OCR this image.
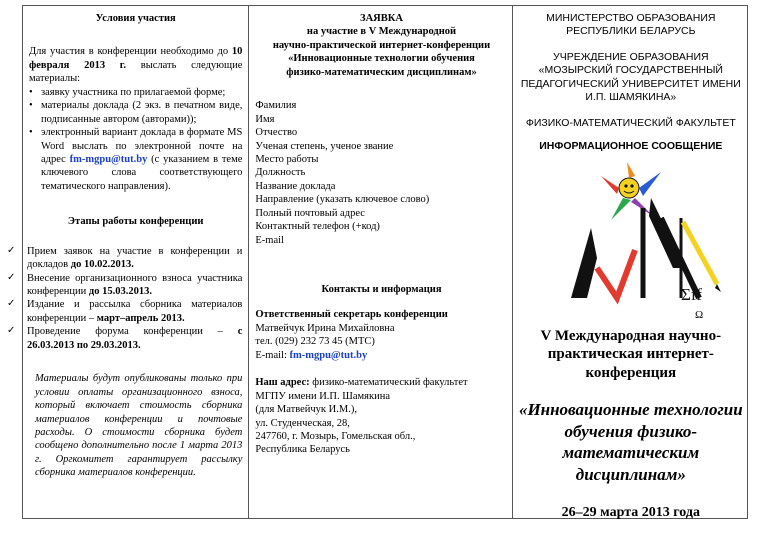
Условия участия

Для участия в конференции необходимо до 10 февраля 2013 г. выслать следующие материалы:

• заявку участника по прилагаемой форме;
• материалы доклада (2 экз. в печатном виде, подписанные автором (авторами));
• электронный вариант доклада в формате MS Word выслать по электронной почте на адрес fm-mgpu@tut.by (с указанием в теме ключевого слова соответствующего тематического направления).
Этапы работы конференции
✓ Прием заявок на участие в конференции и докладов до 10.02.2013.
✓ Внесение организационного взноса участника конференции до 15.03.2013.
✓ Издание и рассылка сборника материалов конференции – март–апрель 2013.
✓ Проведение форума конференции – с 26.03.2013 по 29.03.2013.

Материалы будут опубликованы только при условии оплаты организационного взноса, который включает стоимость сборника материалов конференции и почтовые расходы. О стоимости сборника будет сообщено дополнительно после 1 марта 2013 г. Оргкомитет гарантирует рассылку сборника материалов конференции.

ЗАЯВКА
на участие в V Международной
научно-практической интернет-конференции
«Инновационные технологии обучения
физико-математическим дисциплинам»
Фамилия
Имя
Отчество
Ученая степень, ученое звание
Место работы
Должность
Название доклада
Направление (указать ключевое слово)
Полный почтовый адрес
Контактный телефон (+код)
E-mail
Контакты и информация
Ответственный секретарь конференции
Матвейчук Ирина Михайловна
тел. (029) 232 73 45 (МТС)
E-mail: fm-mgpu@tut.by
Наш адрес: физико-математический факультет
МГПУ имени И.П. Шамякина
(для Матвейчук И.М.),
ул. Студенческая, 28,
247760, г. Мозырь, Гомельская обл.,
Республика Беларусь
МИНИСТЕРСТВО ОБРАЗОВАНИЯ РЕСПУБЛИКИ БЕЛАРУСЬ
УЧРЕЖДЕНИЕ ОБРАЗОВАНИЯ «МОЗЫРСКИЙ ГОСУДАРСТВЕННЫЙ ПЕДАГОГИЧЕСКИЙ УНИВЕРСИТЕТ ИМЕНИ И.П. ШАМЯКИНА»
ФИЗИКО-МАТЕМАТИЧЕСКИЙ ФАКУЛЬТЕТ
ИНФОРМАЦИОННОЕ СООБЩЕНИЕ
Σff
Ω
V Международная научно-практическая интернет-конференция
«Инновационные технологии обучения физико-математическим дисциплинам»
26–29 марта 2013 года
